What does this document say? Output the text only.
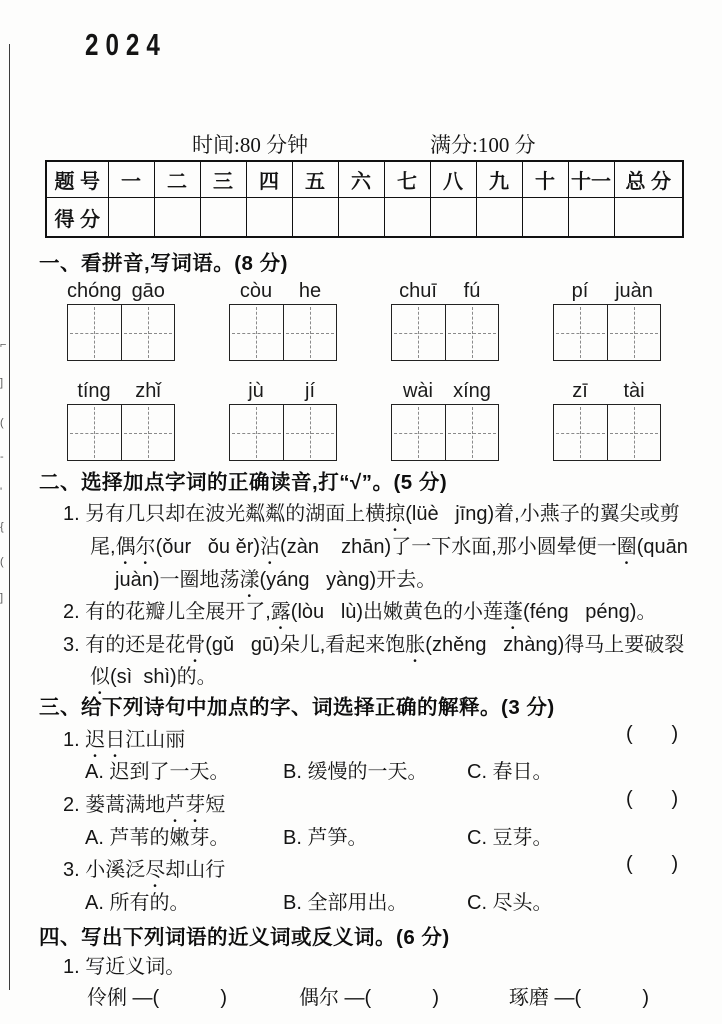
⌐
]
(
-
'
{
(
]
2024
时间:80 分钟	满分:100 分
题 号	一	二	三	四	五	六	七	八	九	十	十一	总 分
得 分												
一、看拼音,写词语。(8 分)
chóng gāo	còu	he	chuī	fú	pí	juàn
tíng	zhǐ	jù	jí	wài	xíng	zī	tài
二、选择加点字词的正确读音,打“√”。(5 分)
1. 另有几只却在波光粼粼的湖面上横掠(lüè   jīng)着,小燕子的翼尖或剪
尾,偶尔(ǒur   ǒu ěr)沾(zàn    zhān)了一下水面,那小圆晕便一圈(quān
juàn)一圈地荡漾(yáng   yàng)开去。
2. 有的花瓣儿全展开了,露(lòu   lù)出嫩黄色的小莲蓬(féng   péng)。
3. 有的还是花骨(gǔ   gū)朵儿,看起来饱胀(zhěng   zhàng)得马上要破裂
似(sì  shì)的。
三、给下列诗句中加点的字、词选择正确的解释。(3 分)
1. 迟日江山丽	(       )
A. 迟到了一天。	B. 缓慢的一天。 C. 春日。
2. 蒌蒿满地芦芽短	(       )
A. 芦苇的嫩芽。	B. 芦笋。	C. 豆芽。
3. 小溪泛尽却山行	(       )
A. 所有的。	B. 全部用出。	C. 尽头。
四、写出下列词语的近义词或反义词。(6 分)
1. 写近义词。
伶俐 —(           )	偶尔 —(           )	琢磨 —(           )
